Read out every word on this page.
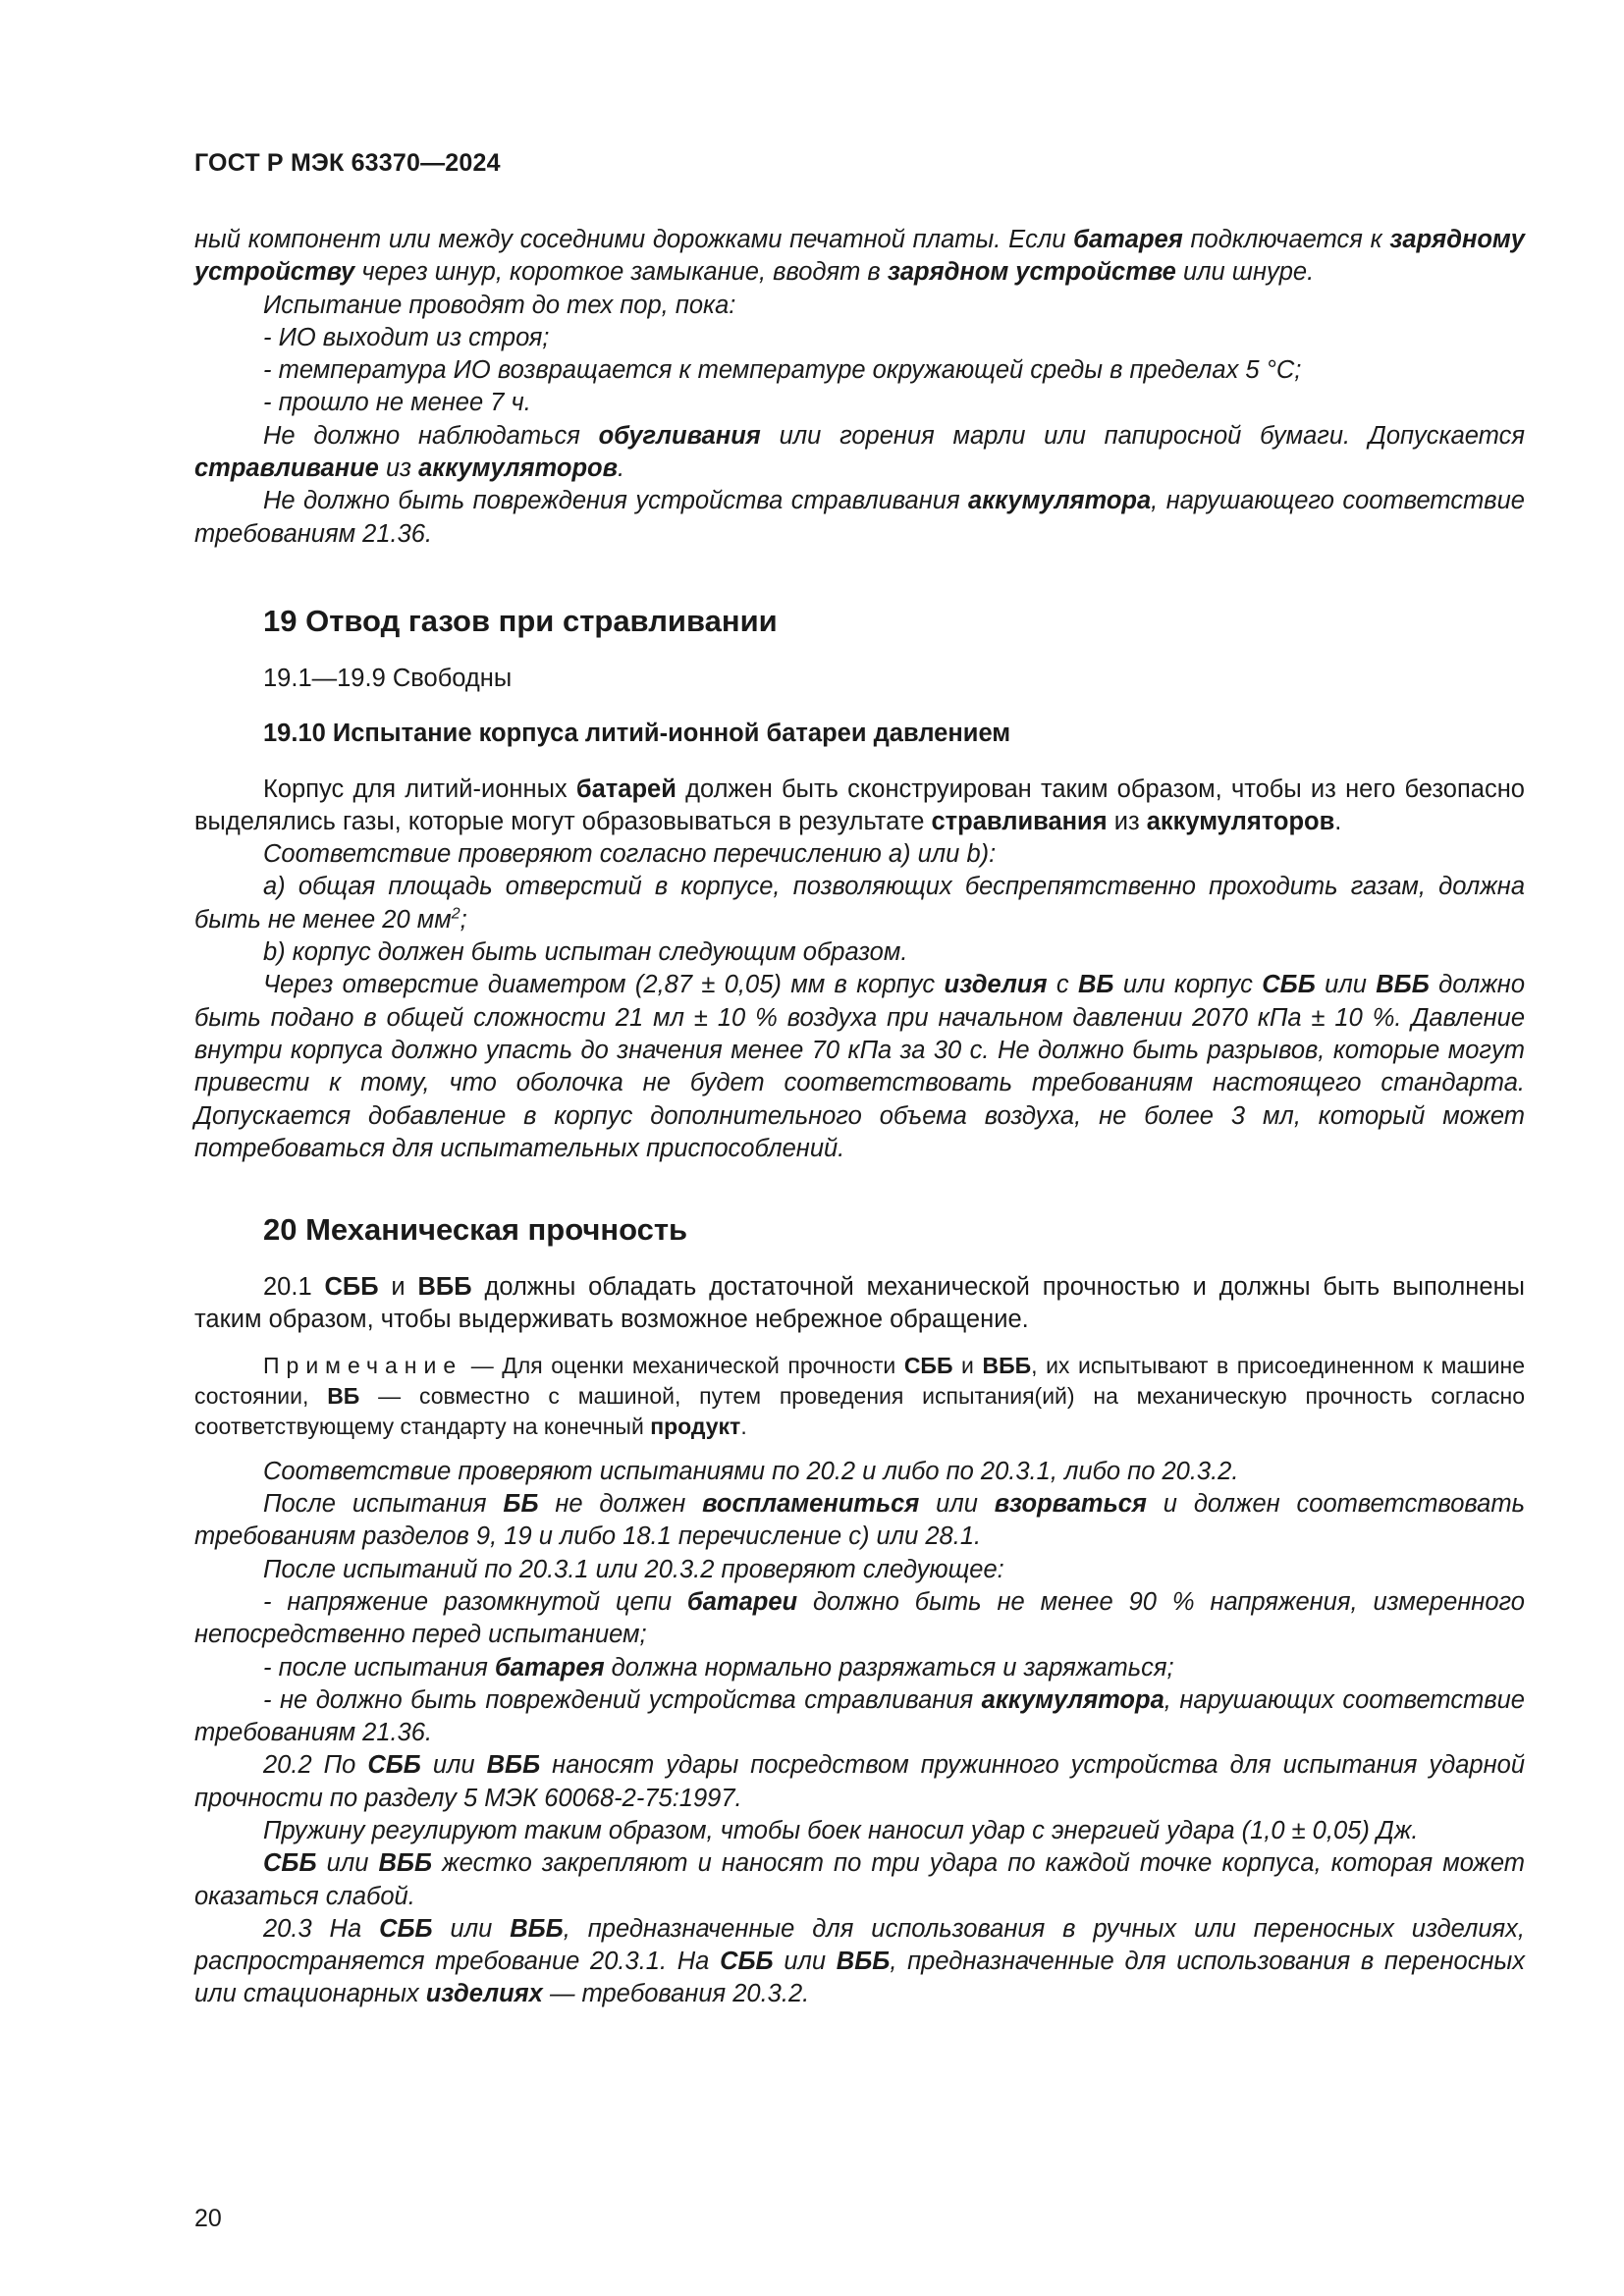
ГОСТ Р МЭК 63370—2024

ный компонент или между соседними дорожками печатной платы. Если батарея подключается к зарядному устройству через шнур, короткое замыкание, вводят в зарядном устройстве или шнуре.

Испытание проводят до тех пор, пока:

- ИО выходит из строя;

- температура ИО возвращается к температуре окружающей среды в пределах 5 °С;

- прошло не менее 7 ч.

Не должно наблюдаться обугливания или горения марли или папиросной бумаги. Допускается стравливание из аккумуляторов.

Не должно быть повреждения устройства стравливания аккумулятора, нарушающего соответствие требованиям 21.36.

19 Отвод газов при стравливании

19.1—19.9 Свободны

19.10 Испытание корпуса литий-ионной батареи давлением

Корпус для литий-ионных батарей должен быть сконструирован таким образом, чтобы из него безопасно выделялись газы, которые могут образовываться в результате стравливания из аккумуляторов.

Соответствие проверяют согласно перечислению a) или b):

a) общая площадь отверстий в корпусе, позволяющих беспрепятственно проходить газам, должна быть не менее 20 $мм^2$;

b) корпус должен быть испытан следующим образом.

Через отверстие диаметром (2,87 ± 0,05) мм в корпус изделия с ВБ или корпус СББ или ВББ должно быть подано в общей сложности 21 мл ± 10 % воздуха при начальном давлении 2070 кПа ± 10 %. Давление внутри корпуса должно упасть до значения менее 70 кПа за 30 с. Не должно быть разрывов, которые могут привести к тому, что оболочка не будет соответствовать требованиям настоящего стандарта. Допускается добавление в корпус дополнительного объема воздуха, не более 3 мл, который может потребоваться для испытательных приспособлений.

20 Механическая прочность

20.1 СББ и ВББ должны обладать достаточной механической прочностью и должны быть выполнены таким образом, чтобы выдерживать возможное небрежное обращение.

Примечание — Для оценки механической прочности СББ и ВББ, их испытывают в присоединенном к машине состоянии, ВБ — совместно с машиной, путем проведения испытания(ий) на механическую прочность согласно соответствующему стандарту на конечный продукт.

Соответствие проверяют испытаниями по 20.2 и либо по 20.3.1, либо по 20.3.2.

После испытания ББ не должен воспламениться или взорваться и должен соответствовать требованиям разделов 9, 19 и либо 18.1 перечисление с) или 28.1.

После испытаний по 20.3.1 или 20.3.2 проверяют следующее:

- напряжение разомкнутой цепи батареи должно быть не менее 90 % напряжения, измеренного непосредственно перед испытанием;

- после испытания батарея должна нормально разряжаться и заряжаться;

- не должно быть повреждений устройства стравливания аккумулятора, нарушающих соответствие требованиям 21.36.

20.2 По СББ или ВББ наносят удары посредством пружинного устройства для испытания ударной прочности по разделу 5 МЭК 60068-2-75:1997.

Пружину регулируют таким образом, чтобы боек наносил удар с энергией удара (1,0 ± 0,05) Дж.

СББ или ВББ жестко закрепляют и наносят по три удара по каждой точке корпуса, которая может оказаться слабой.

20.3 На СББ или ВББ, предназначенные для использования в ручных или переносных изделиях, распространяется требование 20.3.1. На СББ или ВББ, предназначенные для использования в переносных или стационарных изделиях — требования 20.3.2.

20
